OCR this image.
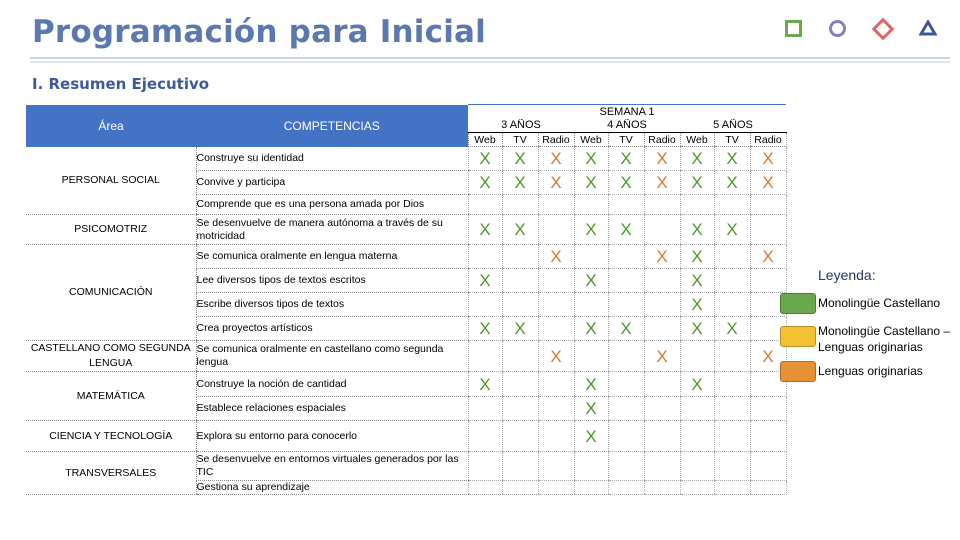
Programación para Inicial
I. Resumen Ejecutivo
Área	COMPETENCIAS	SEMANA 1								
		3 AÑOS			4 AÑOS			5 AÑOS		
		Web	TV	Radio	Web	TV	Radio	Web	TV	Radio
PERSONAL SOCIAL	Construye su identidad	X	X	X	X	X	X	X	X	X
	Convive y participa	X	X	X	X	X	X	X	X	X
	Comprende que es una persona amada por Dios									
PSICOMOTRIZ	Se desenvuelve de manera autónoma a través de su motricidad	X	X		X	X		X	X	
COMUNICACIÓN	Se comunica oralmente en lengua materna			X			X	X		X
	Lee diversos tipos de textos escritos	X			X			X		
	Escribe diversos tipos de textos							X		
	Crea proyectos artísticos	X	X		X	X		X	X	
CASTELLANO COMO SEGUNDA LENGUA	Se comunica oralmente en castellano como segunda lengua			X			X			X
MATEMÁTICA	Construye la noción de cantidad	X			X			X		
	Establece relaciones espaciales				X					
CIENCIA Y TECNOLOGÍA	Explora su entorno para conocerlo				X					
TRANSVERSALES	Se desenvuelve en entornos virtuales generados por las TIC									
	Gestiona su aprendizaje									
Leyenda:
Monolingüe Castellano
Monolingüe Castellano – Lenguas originarias
Lenguas originarias
